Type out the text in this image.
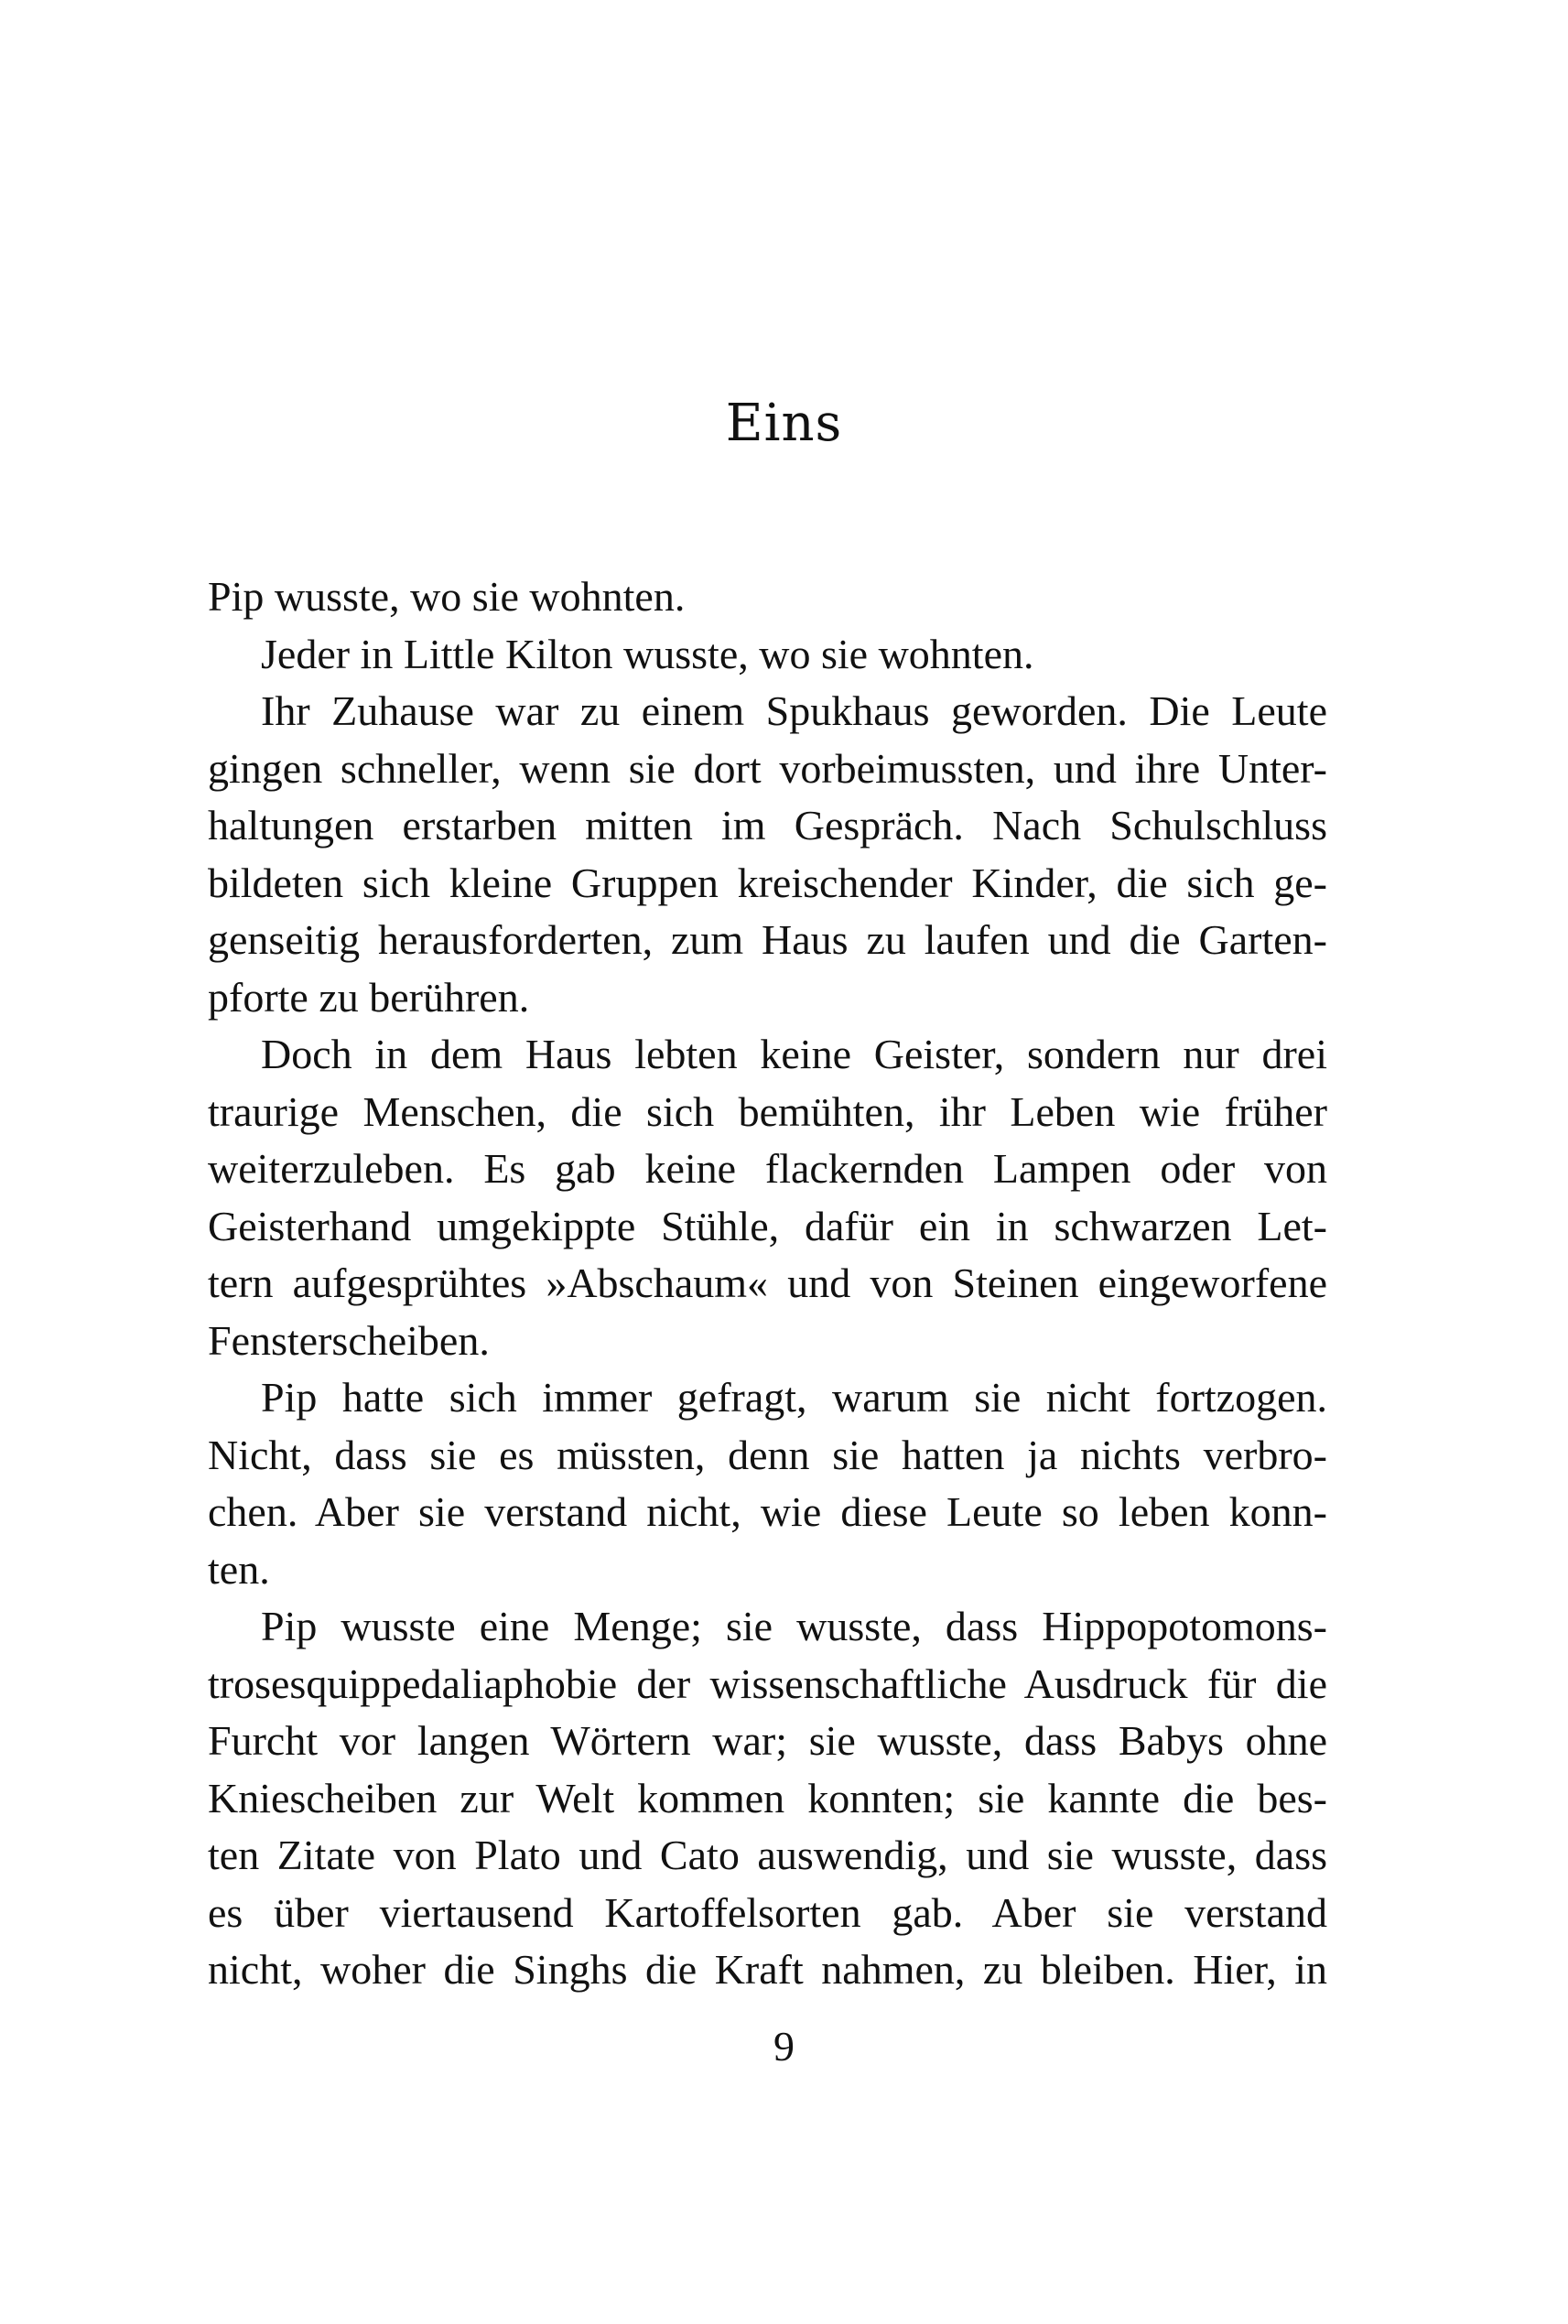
Eins
Pip wusste, wo sie wohnten.
Jeder in Little Kilton wusste, wo sie wohnten.
Ihr Zuhause war zu einem Spukhaus geworden. Die Leute
gingen schneller, wenn sie dort vorbeimussten, und ihre Unter-
haltungen erstarben mitten im Gespräch. Nach Schulschluss
bildeten sich kleine Gruppen kreischender Kinder, die sich ge-
genseitig herausforderten, zum Haus zu laufen und die Garten-
pforte zu berühren.
Doch in dem Haus lebten keine Geister, sondern nur drei
traurige Menschen, die sich bemühten, ihr Leben wie früher
weiterzuleben. Es gab keine flackernden Lampen oder von
Geisterhand umgekippte Stühle, dafür ein in schwarzen Let-
tern aufgesprühtes »Abschaum« und von Steinen eingeworfene
Fensterscheiben.
Pip hatte sich immer gefragt, warum sie nicht fortzogen.
Nicht, dass sie es müssten, denn sie hatten ja nichts verbro-
chen. Aber sie verstand nicht, wie diese Leute so leben konn-
ten.
Pip wusste eine Menge; sie wusste, dass Hippopotomons-
trosesquippedaliaphobie der wissenschaftliche Ausdruck für die
Furcht vor langen Wörtern war; sie wusste, dass Babys ohne
Kniescheiben zur Welt kommen konnten; sie kannte die bes-
ten Zitate von Plato und Cato auswendig, und sie wusste, dass
es über viertausend Kartoffelsorten gab. Aber sie verstand
nicht, woher die Singhs die Kraft nahmen, zu bleiben. Hier, in
9
